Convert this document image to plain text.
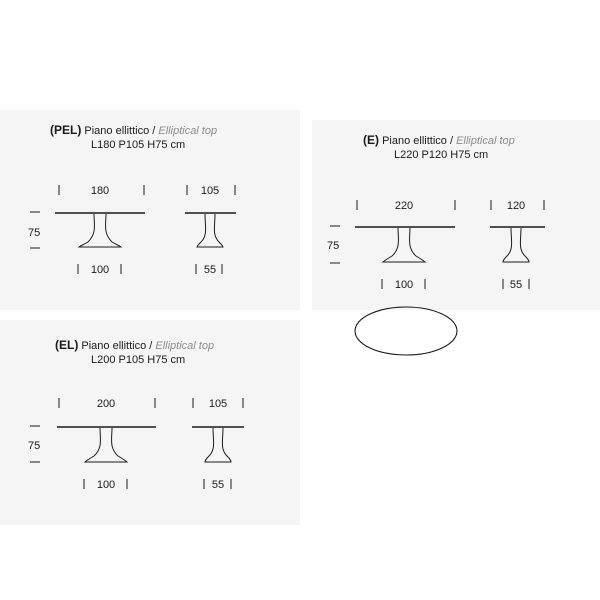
(PEL) Piano ellittico / Elliptical top
L180 P105 H75 cm
180	105
75
100	55
(E) Piano ellittico / Elliptical top
L220 P120 H75 cm
220	120
75
100	55
(EL) Piano ellittico / Elliptical top
L200 P105 H75 cm
200	105
75
100	55
